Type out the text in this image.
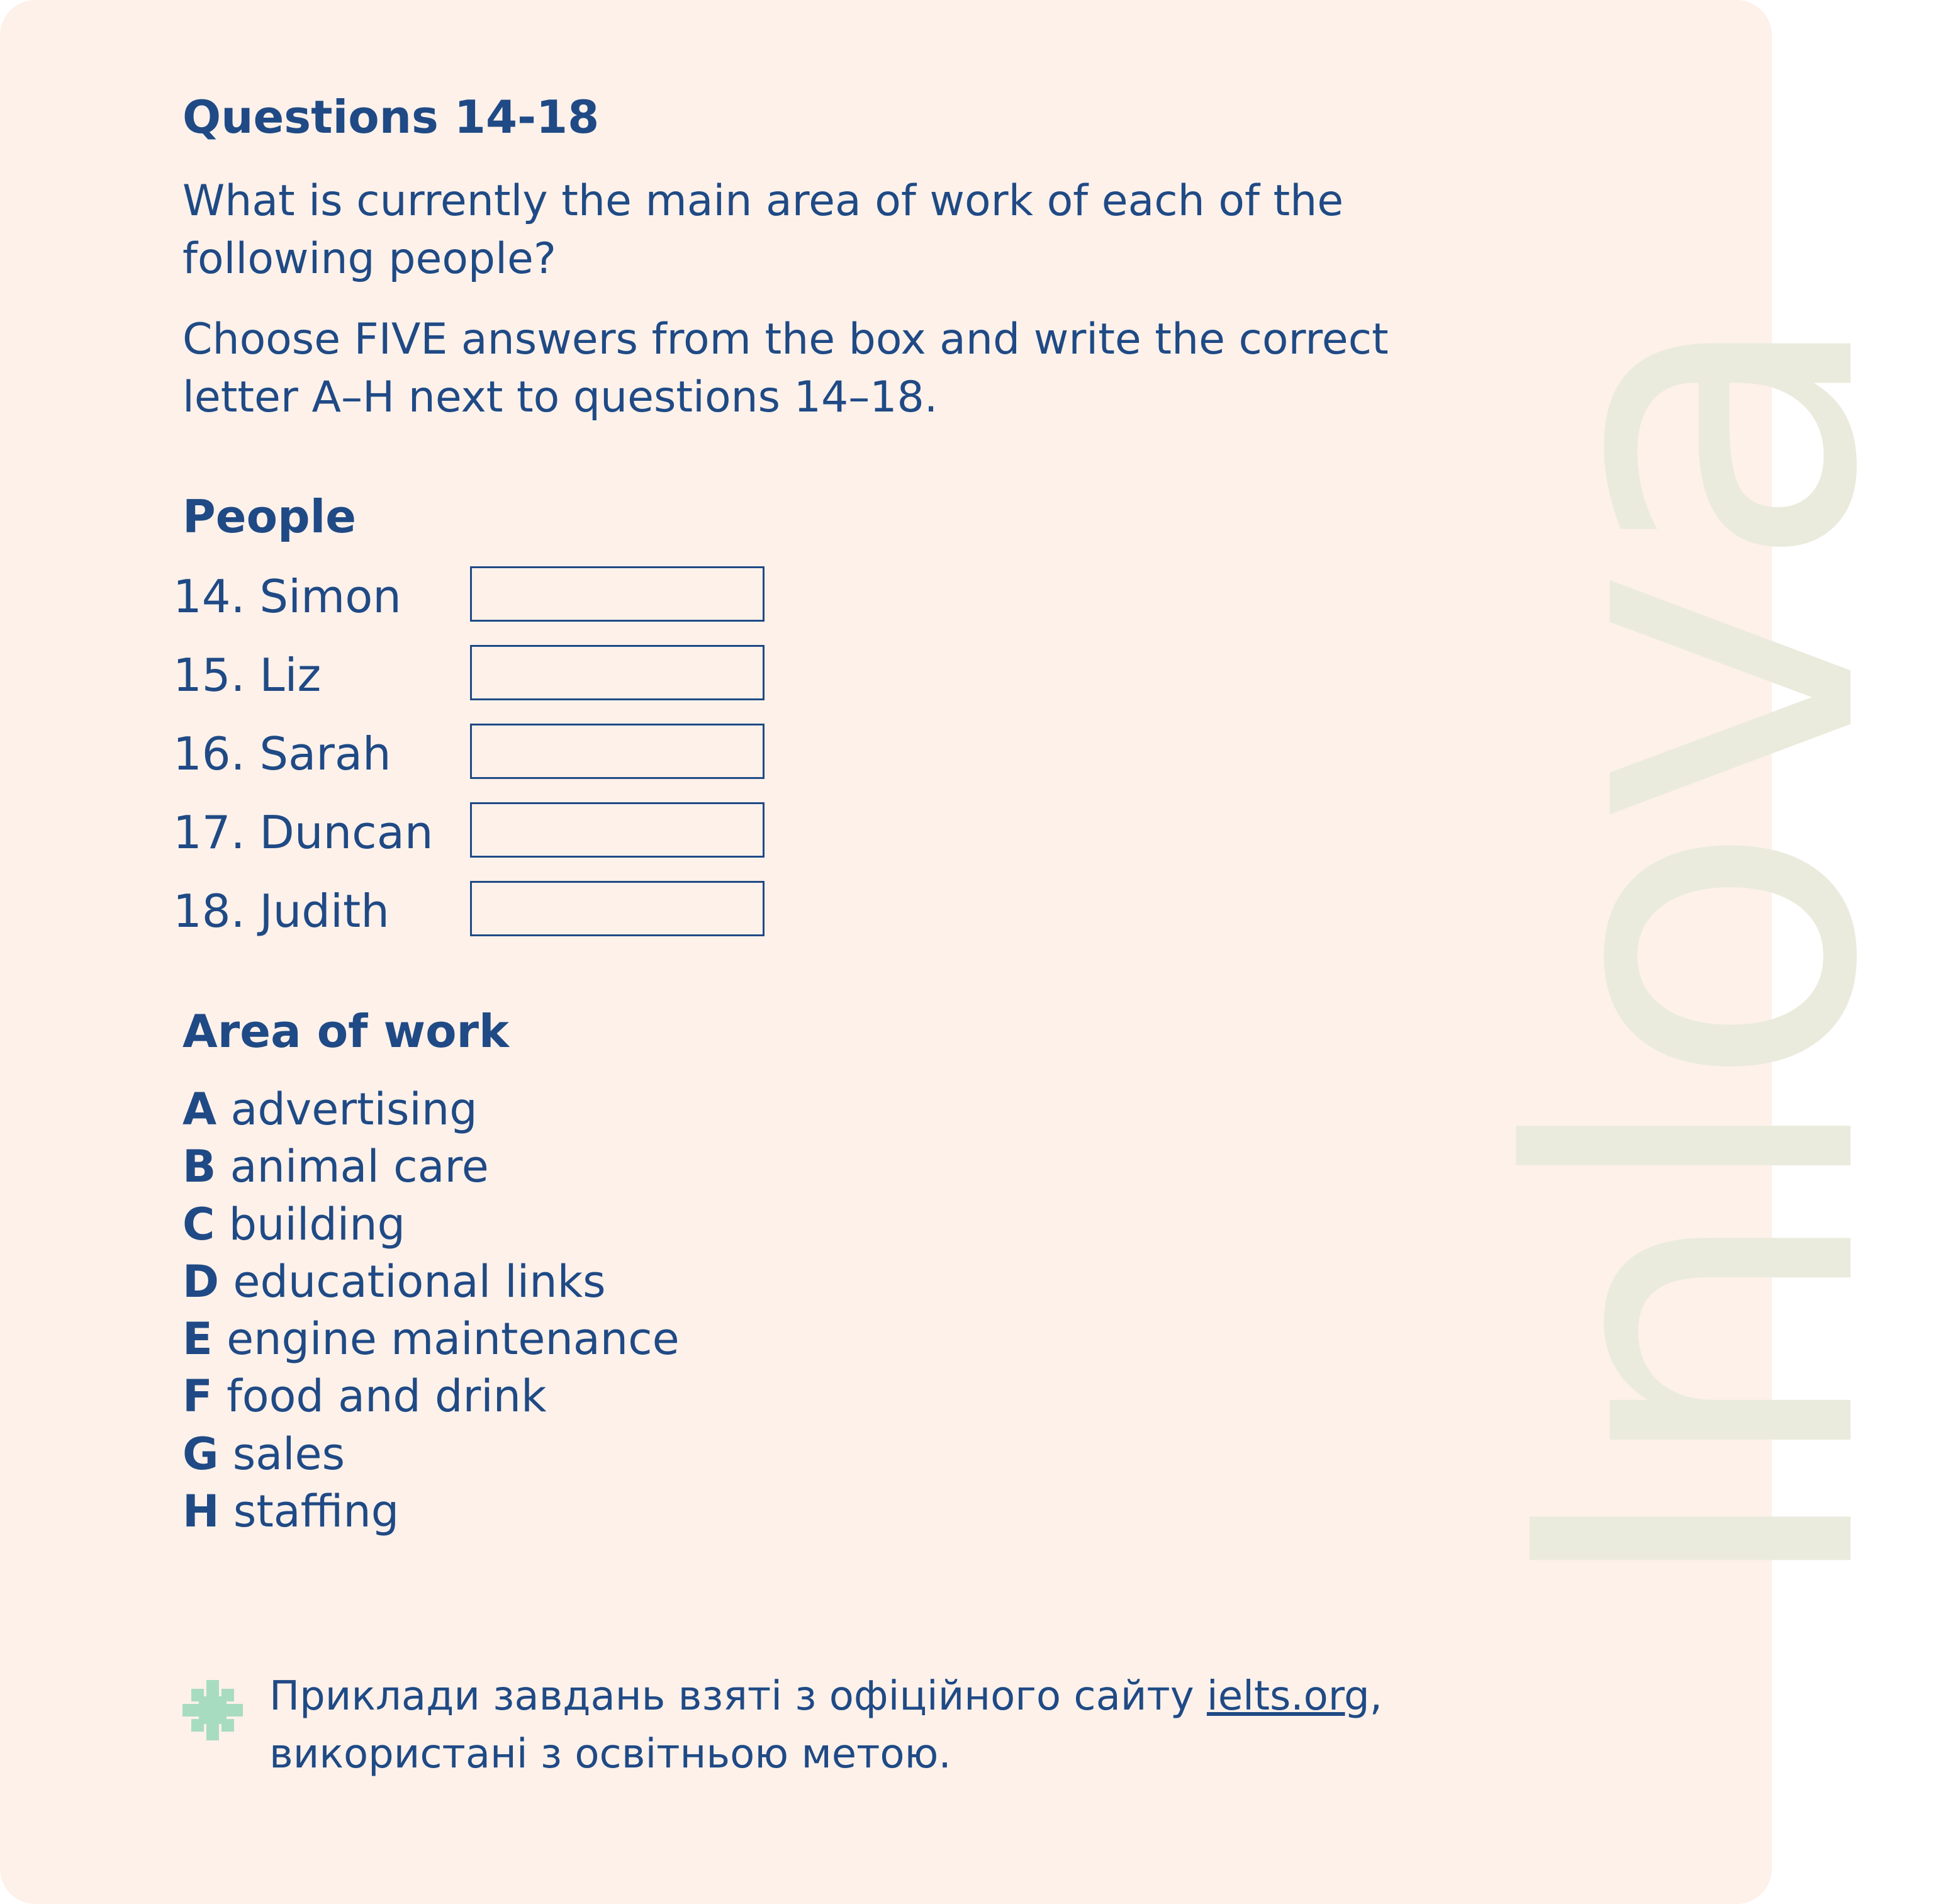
Inlova
Questions 14-18
What is currently the main area of work of each of the following people?
Choose FIVE answers from the box and write the correct letter A–H next to questions 14–18.
People
14. Simon
15. Liz
16. Sarah
17. Duncan
18. Judith
Area of work
A advertising
B animal care
C building
D educational links
E engine maintenance
F food and drink
G sales
H staffing
Приклади завдань взяті з офіційного сайту ielts.org,
використані з освітньою метою.
